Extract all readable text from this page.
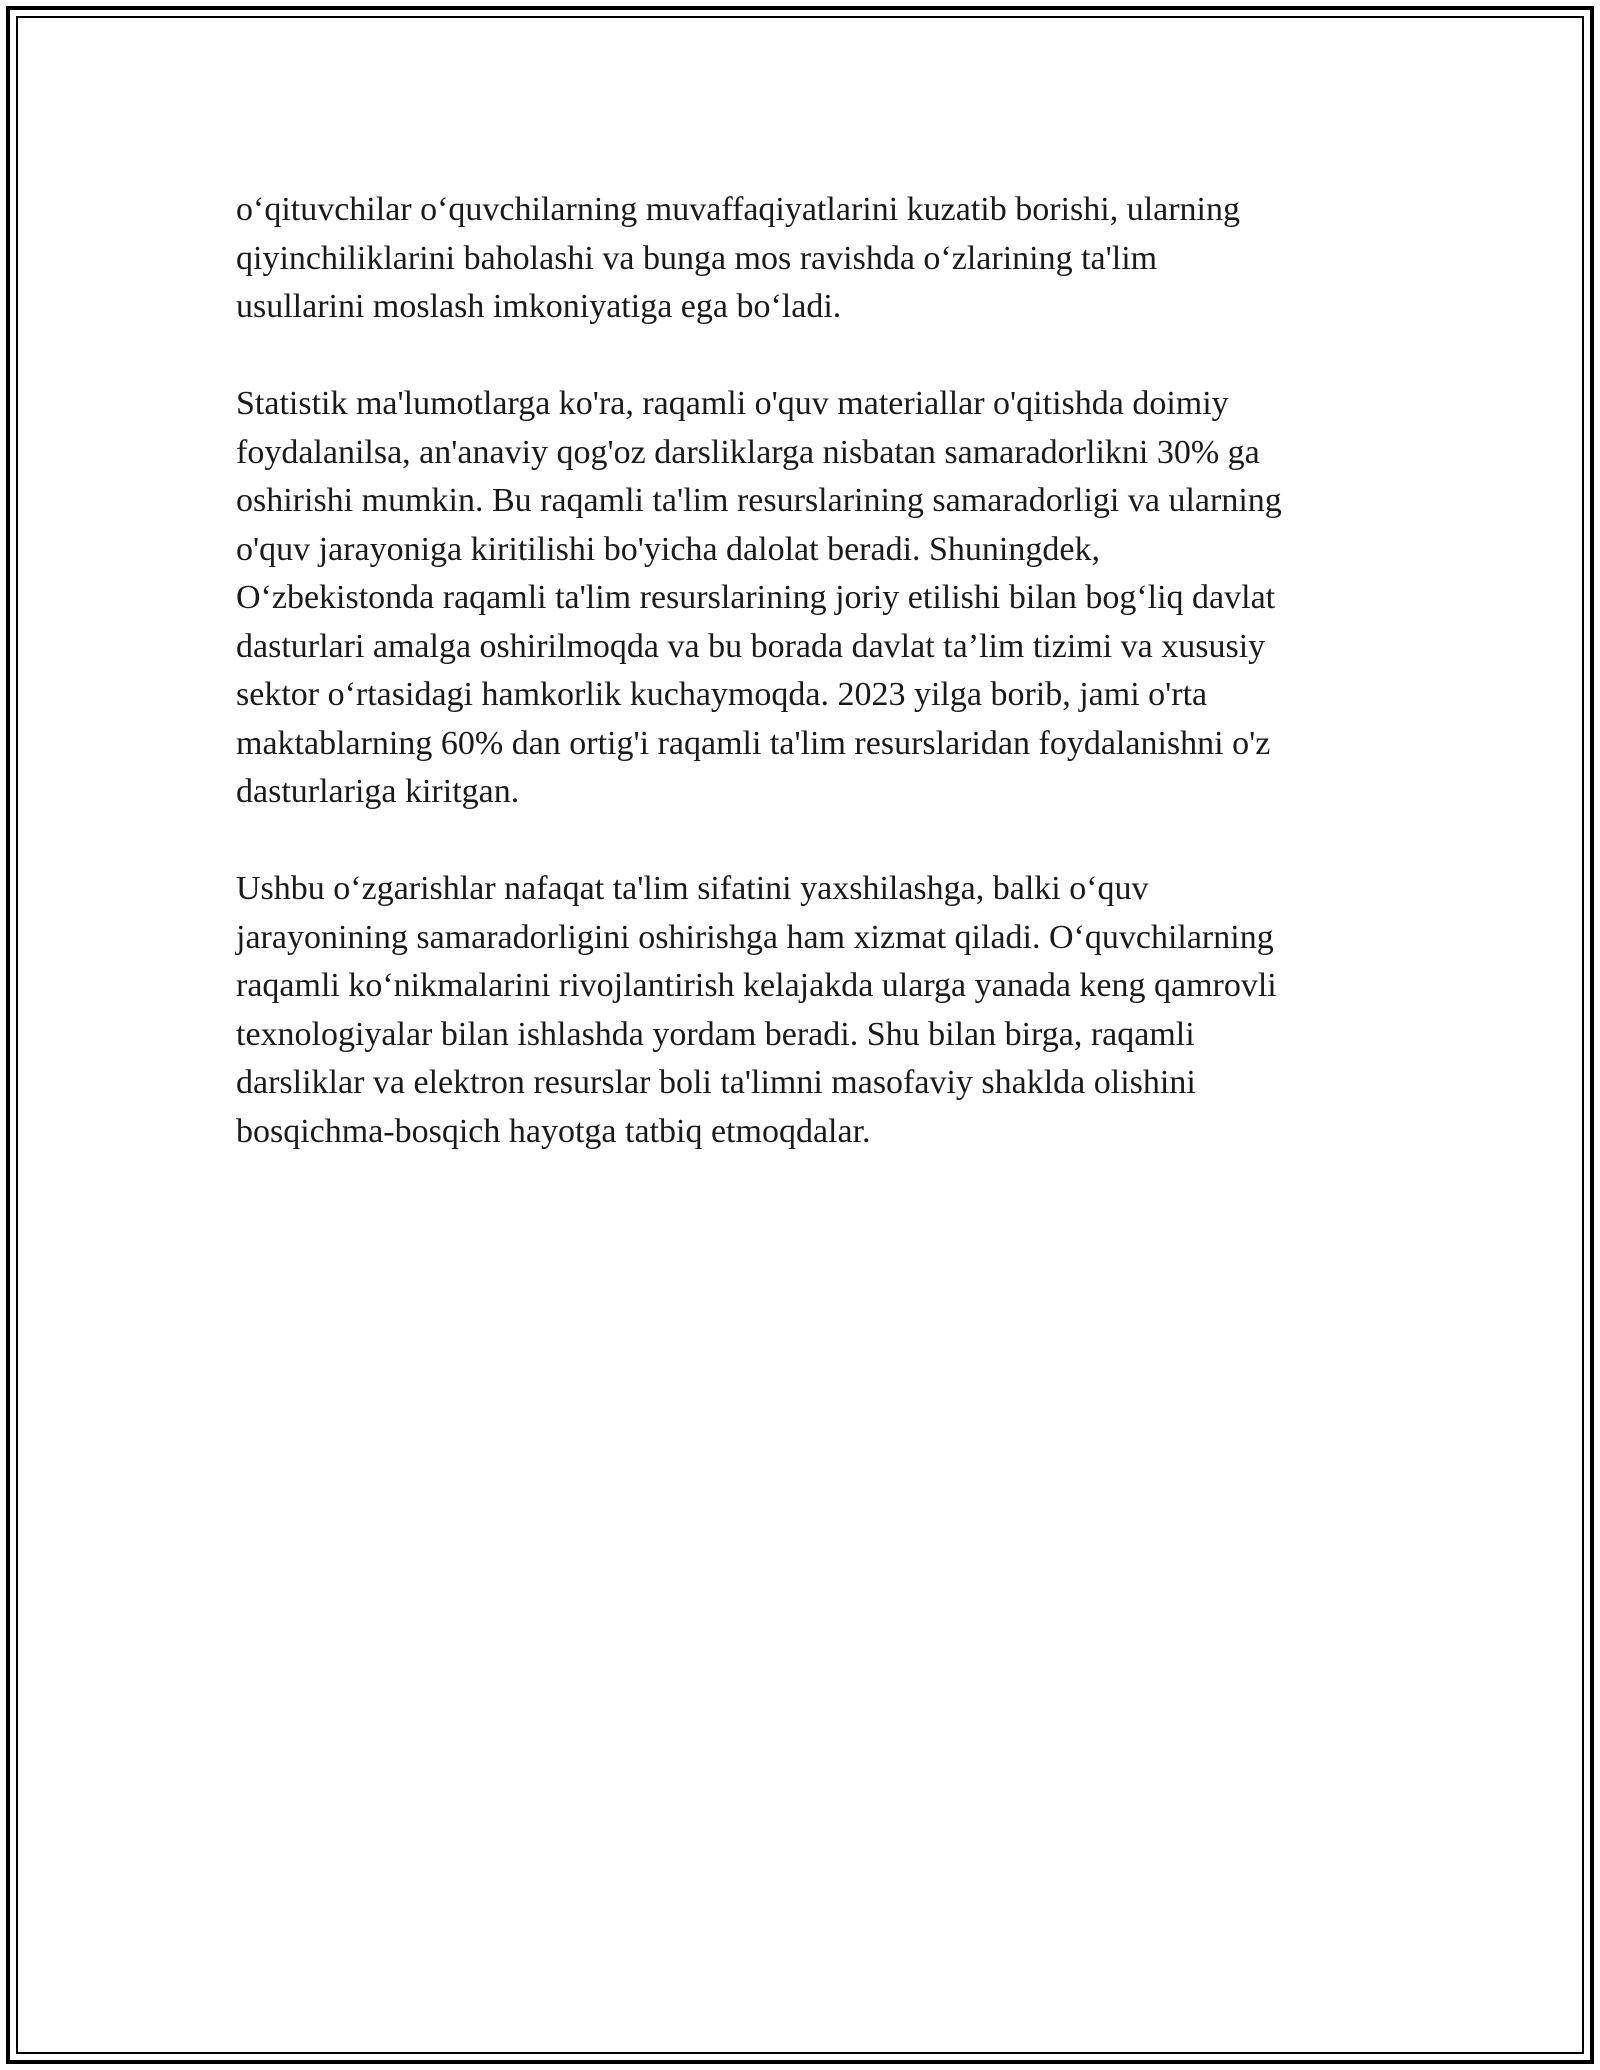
o‘qituvchilar o‘quvchilarning muvaffaqiyatlarini kuzatib borishi, ularning
qiyinchiliklarini baholashi va bunga mos ravishda o‘zlarining ta'lim
usullarini moslash imkoniyatiga ega bo‘ladi.

Statistik ma'lumotlarga ko'ra, raqamli o'quv materiallar o'qitishda doimiy
foydalanilsa, an'anaviy qog'oz darsliklarga nisbatan samaradorlikni 30% ga
oshirishi mumkin. Bu raqamli ta'lim resurslarining samaradorligi va ularning
o'quv jarayoniga kiritilishi bo'yicha dalolat beradi. Shuningdek,
O‘zbekistonda raqamli ta'lim resurslarining joriy etilishi bilan bog‘liq davlat
dasturlari amalga oshirilmoqda va bu borada davlat ta’lim tizimi va xususiy
sektor o‘rtasidagi hamkorlik kuchaymoqda. 2023 yilga borib, jami o'rta
maktablarning 60% dan ortig'i raqamli ta'lim resurslaridan foydalanishni o'z
dasturlariga kiritgan.

Ushbu o‘zgarishlar nafaqat ta'lim sifatini yaxshilashga, balki o‘quv
jarayonining samaradorligini oshirishga ham xizmat qiladi. O‘quvchilarning
raqamli ko‘nikmalarini rivojlantirish kelajakda ularga yanada keng qamrovli
texnologiyalar bilan ishlashda yordam beradi. Shu bilan birga, raqamli
darsliklar va elektron resurslar boli ta'limni masofaviy shaklda olishini
bosqichma-bosqich hayotga tatbiq etmoqdalar.
